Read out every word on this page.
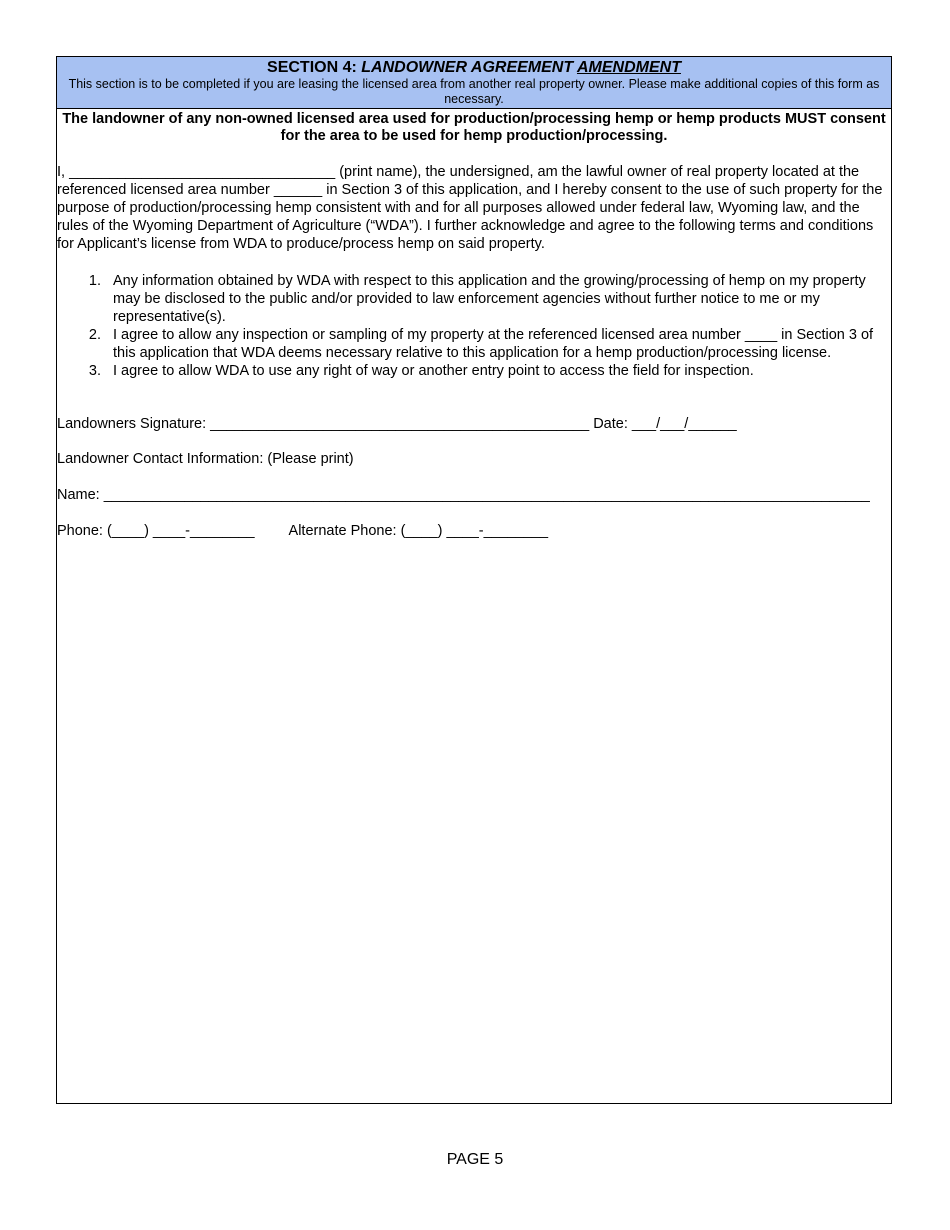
SECTION 4: LANDOWNER AGREEMENT AMENDMENT
This section is to be completed if you are leasing the licensed area from another real property owner. Please make additional copies of this form as necessary.
The landowner of any non-owned licensed area used for production/processing hemp or hemp products MUST consent for the area to be used for hemp production/processing.
I, _________________________________ (print name), the undersigned, am the lawful owner of real property located at the referenced licensed area number ______ in Section 3 of this application, and I hereby consent to the use of such property for the purpose of production/processing hemp consistent with and for all purposes allowed under federal law, Wyoming law, and the rules of the Wyoming Department of Agriculture (“WDA”). I further acknowledge and agree to the following terms and conditions for Applicant’s license from WDA to produce/process hemp on said property.
1. Any information obtained by WDA with respect to this application and the growing/processing of hemp on my property may be disclosed to the public and/or provided to law enforcement agencies without further notice to me or my representative(s).
2. I agree to allow any inspection or sampling of my property at the referenced licensed area number ____ in Section 3 of this application that WDA deems necessary relative to this application for a hemp production/processing license.
3. I agree to allow WDA to use any right of way or another entry point to access the field for inspection.
Landowners Signature: _______________________________________________ Date: ___/___/______
Landowner Contact Information: (Please print)
Name: _______________________________________________________________________________________________
Phone: (____) ____-________ Alternate Phone: (____) ____-________
PAGE 5
